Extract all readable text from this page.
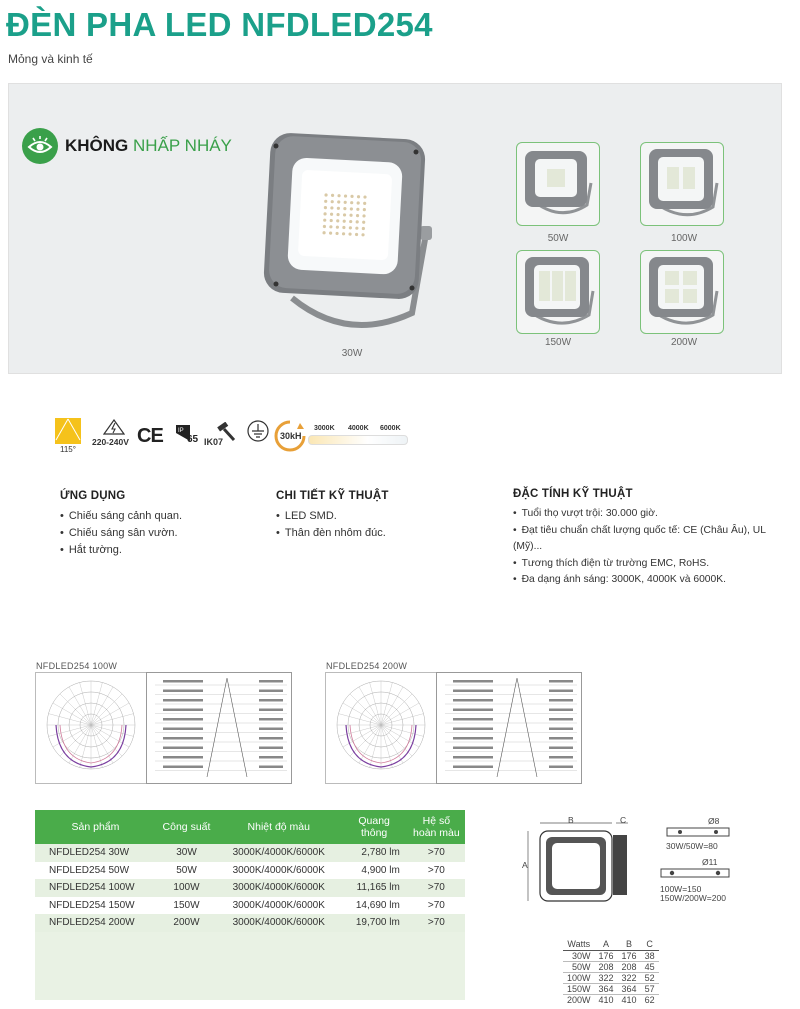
ĐÈN PHA LED NFDLED254
Mỏng và kinh tế
KHÔNG NHẤP NHÁY
30W
50W	100W
150W	200W
115°
220-240V CE	IP
65 IK07
30kH
3000K 4000K 6000K
ỨNG DỤNG
• Chiếu sáng cảnh quan.
• Chiếu sáng sân vườn.
• Hắt tường.
CHI TIẾT KỸ THUẬT
• LED SMD.
• Thân đèn nhôm đúc.
ĐẶC TÍNH KỸ THUẬT
• Tuổi thọ vượt trội: 30.000 giờ.
• Đạt tiêu chuẩn chất lượng quốc tế: CE (Châu Âu), UL (Mỹ)...
• Tương thích điện từ trường EMC, RoHS.
• Đa dạng ánh sáng: 3000K, 4000K và 6000K.
NFDLED254 100W	NFDLED254 200W
Sản phẩm	Công suất	Nhiệt độ màu	Quang thông	Hệ số hoàn màu
NFDLED254 30W	30W	3000K/4000K/6000K	2,780 lm	>70
NFDLED254 50W	50W	3000K/4000K/6000K	4,900 lm	>70
NFDLED254 100W	100W	3000K/4000K/6000K	11,165 lm	>70
NFDLED254 150W	150W	3000K/4000K/6000K	14,690 lm	>70
NFDLED254 200W	200W	3000K/4000K/6000K	19,700 lm	>70
B	C
A
Ø8
30W/50W=80
Ø11
100W=150
150W/200W=200
Watts	A	B	C
30W	176	176	38
50W	208	208	45
100W	322	322	52
150W	364	364	57
200W	410	410	62
